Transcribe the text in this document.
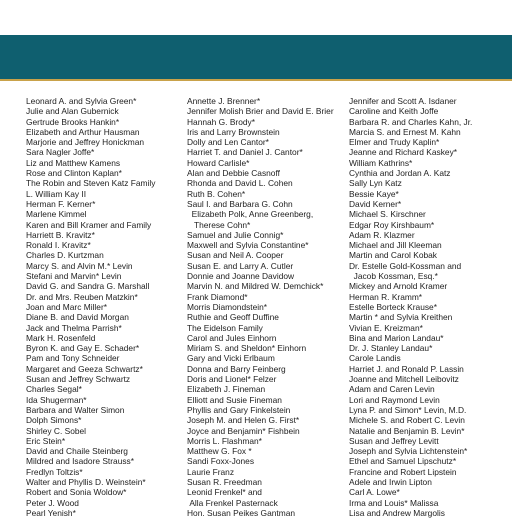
Leonard A. and Sylvia Green*
Julie and Alan Gubernick
Gertrude Brooks Hankin*
Elizabeth and Arthur Hausman
Marjorie and Jeffrey Honickman
Sara Nagler Joffe*
Liz and Matthew Kamens
Rose and Clinton Kaplan*
The Robin and Steven Katz Family
L. William Kay II
Herman F. Kerner*
Marlene Kimmel
Karen and Bill Kramer and Family
Harriett B. Kravitz*
Ronald I. Kravitz*
Charles D. Kurtzman
Marcy S. and Alvin M.* Levin
Stefani and Marvin* Levin
David G. and Sandra G. Marshall
Dr. and Mrs. Reuben Matzkin*
Joan and Marc Miller*
Diane B. and David Morgan
Jack and Thelma Parrish*
Mark H. Rosenfeld
Byron K. and Gay E. Schader*
Pam and Tony Schneider
Margaret and Geeza Schwartz*
Susan and Jeffrey Schwartz
Charles Segal*
Ida Shugerman*
Barbara and Walter Simon
Dolph Simons*
Shirley C. Sobel
Eric Stein*
David and Chaile Steinberg
Mildred and Isadore Strauss*
Fredlyn Toltzis*
Walter and Phyllis D. Weinstein*
Robert and Sonia Woldow*
Peter J. Wood
Pearl Yenish*
Annette J. Brenner*
Jennifer Molish Brier and David E. Brier
Hannah G. Brody*
Iris and Larry Brownstein
Dolly and Len Cantor*
Harriet T. and Daniel J. Cantor*
Howard Carlisle*
Alan and Debbie Casnoff
Rhonda and David L. Cohen
Ruth B. Cohen*
Saul I. and Barbara G. Cohn
Elizabeth Polk, Anne Greenberg,
Therese Cohn*
Samuel and Julie Connig*
Maxwell and Sylvia Constantine*
Susan and Neil A. Cooper
Susan E. and Larry A. Cutler
Donnie and Joanne Davidow
Marvin N. and Mildred W. Demchick*
Frank Diamond*
Morris Diamondstein*
Ruthie and Geoff Duffine
The Eidelson Family
Carol and Jules Einhorn
Miriam S. and Sheldon* Einhorn
Gary and Vicki Erlbaum
Donna and Barry Feinberg
Doris and Lionel* Felzer
Elizabeth J. Fineman
Elliott and Susie Fineman
Phyllis and Gary Finkelstein
Joseph M. and Helen G. First*
Joyce and Benjamin* Fishbein
Morris L. Flashman*
Matthew G. Fox *
Sandi Foxx-Jones
Laurie Franz
Susan R. Freedman
Leonid Frenkel* and
Alla Frenkel Pasternack
Hon. Susan Peikes Gantman
Jennifer and Scott A. Isdaner
Caroline and Keith Joffe
Barbara R. and Charles Kahn, Jr.
Marcia S. and Ernest M. Kahn
Elmer and Trudy Kaplin*
Jeanne and Richard Kaskey*
William Kathrins*
Cynthia and Jordan A. Katz
Sally Lyn Katz
Bessie Kaye*
David Kerner*
Michael S. Kirschner
Edgar Roy Kirshbaum*
Adam R. Klazmer
Michael and Jill Kleeman
Martin and Carol Kobak
Dr. Estelle Gold-Kossman and
Jacob Kossman, Esq.*
Mickey and Arnold Kramer
Herman R. Kramm*
Estelle Borteck Krause*
Martin * and Sylvia Kreithen
Vivian E. Kreizman*
Bina and Marion Landau*
Dr. J. Stanley Landau*
Carole Landis
Harriet J. and Ronald P. Lassin
Joanne and Mitchell Leibovitz
Adam and Caren Levin
Lori and Raymond Levin
Lyna P. and Simon* Levin, M.D.
Michele S. and Robert C. Levin
Natalie and Benjamin B. Levin*
Susan and Jeffrey Levitt
Joseph and Sylvia Lichtenstein*
Ethel and Samuel Lipschutz*
Francine and Robert Lipstein
Adele and Irwin Lipton
Carl A. Lowe*
Irma and Louis* Malissa
Lisa and Andrew Margolis
